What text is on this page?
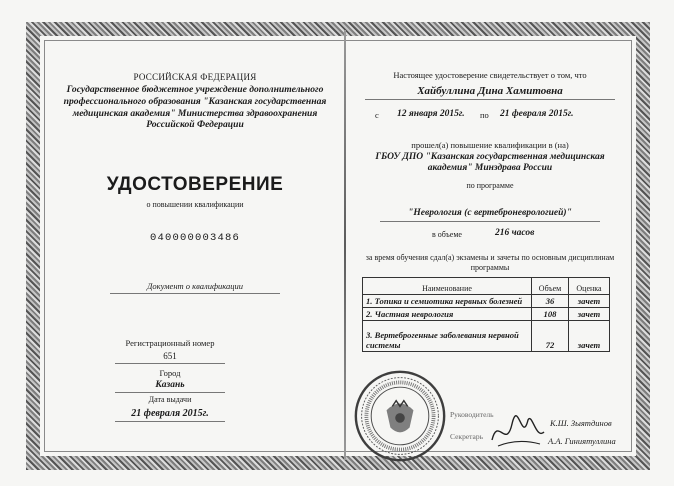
РОССИЙСКАЯ ФЕДЕРАЦИЯ
Государственное бюджетное учреждение дополнительного профессионального образования "Казанская государственная медицинская академия" Министерства здравоохранения Российской Федерации
УДОСТОВЕРЕНИЕ
о повышении квалификации
040000003486
Документ о квалификации
Регистрационный номер
651
Город
Казань
Дата выдачи
21 февраля 2015г.
Настоящее удостоверение свидетельствует о том, что
Хайбуллина Дина Хамитовна
с 12 января 2015г. по 21 февраля 2015г.
прошел(а) повышение квалификации в (на)
ГБОУ ДПО "Казанская государственная медицинская академия" Минздрава России
по программе
"Неврология (с вертеброневрологией)"
в объеме	216 часов
за время обучения сдал(а) экзамены и зачеты по основным дисциплинам программы
Наименование	Объем	Оценка
1. Топика и семиотика нервных болезней	36	зачет
2. Частная неврология	108	зачет
3. Вертеброгенные заболевания нервной системы	72	зачет
Руководитель
К.Ш. Зыятдинов
Секретарь	А.А. Гиниятуллина
